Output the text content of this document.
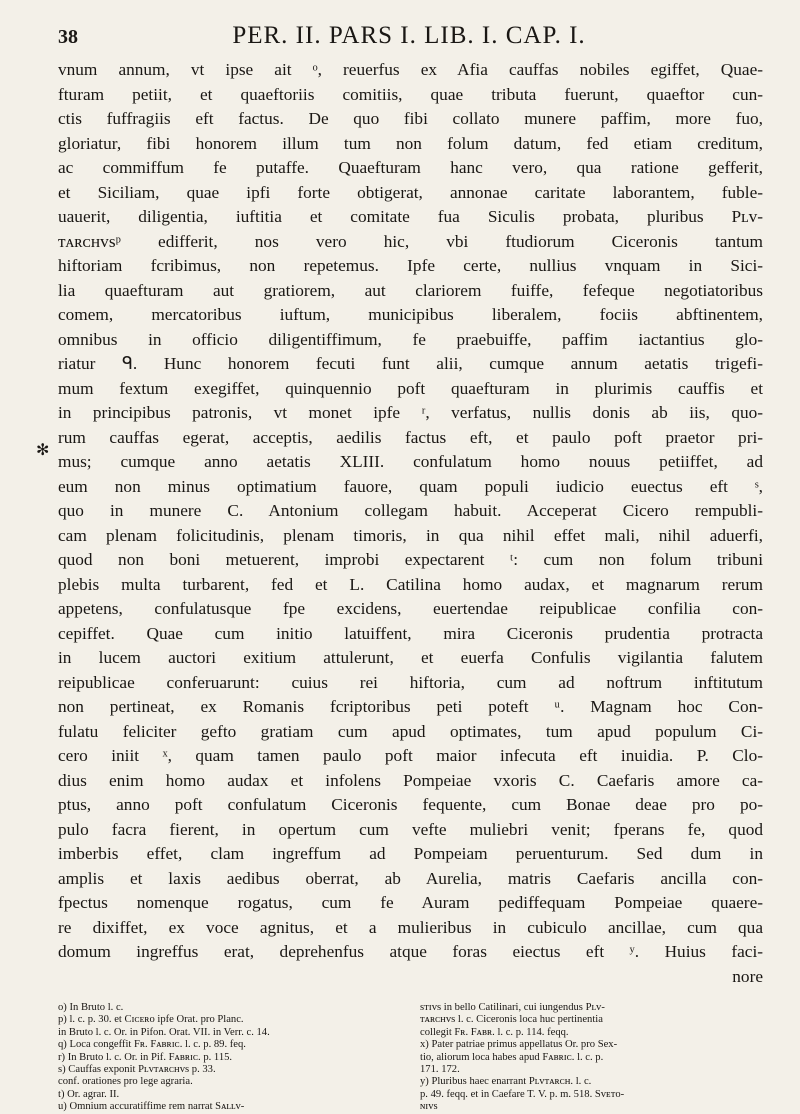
38	PER. II. PARS I. LIB. I. CAP. I.
✻
vnum annum, vt ipse ait ᵒ, reuerfus ex Afia cauffas nobiles egiffet, Quae-
fturam petiit, et quaeftoriis comitiis, quae tributa fuerunt, quaeftor cun-
ctis fuffragiis eft factus. De quo fibi collato munere paffim, more fuo,
gloriatur, fibi honorem illum tum non folum datum, fed etiam creditum,
ac commiffum fe putaffe. Quaefturam hanc vero, qua ratione gefferit,
et Siciliam, quae ipfi forte obtigerat, annonae caritate laborantem, fuble-
uauerit, diligentia, iuftitia et comitate fua Siculis probata, pluribus Pʟᴠ-
ᴛᴀʀᴄʜᴠsᵖ edifferit, nos vero hic, vbi ftudiorum Ciceronis tantum
hiftoriam fcribimus, non repetemus. Ipfe certe, nullius vnquam in Sici-
lia quaefturam aut gratiorem, aut clariorem fuiffe, fefeque negotiatoribus
comem, mercatoribus iuftum, municipibus liberalem, fociis abftinentem,
omnibus in officio diligentiffimum, fe praebuiffe, paffim iactantius glo-
riatur ᑫ. Hunc honorem fecuti funt alii, cumque annum aetatis trigefi-
mum fextum exegiffet, quinquennio poft quaefturam in plurimis cauffis et
in principibus patronis, vt monet ipfe ʳ, verfatus, nullis donis ab iis, quo-
rum cauffas egerat, acceptis, aedilis factus eft, et paulo poft praetor pri-
mus; cumque anno aetatis XLIII. confulatum homo nouus petiiffet, ad
eum non minus optimatium fauore, quam populi iudicio euectus eft ˢ,
quo in munere C. Antonium collegam habuit. Acceperat Cicero rempubli-
cam plenam folicitudinis, plenam timoris, in qua nihil effet mali, nihil aduerfi,
quod non boni metuerent, improbi expectarent ᵗ: cum non folum tribuni
plebis multa turbarent, fed et L. Catilina homo audax, et magnarum rerum
appetens, confulatusque fpe excidens, euertendae reipublicae confilia con-
cepiffet. Quae cum initio latuiffent, mira Ciceronis prudentia protracta
in lucem auctori exitium attulerunt, et euerfa Confulis vigilantia falutem
reipublicae conferuarunt: cuius rei hiftoria, cum ad noftrum inftitutum
non pertineat, ex Romanis fcriptoribus peti poteft ᵘ. Magnam hoc Con-
fulatu feliciter gefto gratiam cum apud optimates, tum apud populum Ci-
cero iniit ˣ, quam tamen paulo poft maior infecuta eft inuidia. P. Clo-
dius enim homo audax et infolens Pompeiae vxoris C. Caefaris amore ca-
ptus, anno poft confulatum Ciceronis fequente, cum Bonae deae pro po-
pulo facra fierent, in opertum cum vefte muliebri venit; fperans fe, quod
imberbis effet, clam ingreffum ad Pompeiam peruenturum. Sed dum in
amplis et laxis aedibus oberrat, ab Aurelia, matris Caefaris ancilla con-
fpectus nomenque rogatus, cum fe Auram pediffequam Pompeiae quaere-
re dixiffet, ex voce agnitus, et a mulieribus in cubiculo ancillae, cum qua
domum ingreffus erat, deprehenfus atque foras eiectus eft ʸ. Huius faci-
nore
o) In Bruto l. c.
p) l. c. p. 30. et Cɪᴄᴇʀᴏ ipfe Orat. pro Planc.
in Bruto l. c. Or. in Pifon. Orat. VII. in Verr. c. 14.
q) Loca congeffit Fʀ. Fᴀʙʀɪᴄ. l. c. p. 89. feq.
r) In Bruto l. c. Or. in Pif. Fᴀʙʀɪᴄ. p. 115.
s) Cauffas exponit Pʟᴠᴛᴀʀᴄʜᴠs p. 33.
conf. orationes pro lege agraria.
t) Or. agrar. II.
u) Omnium accuratiffime rem narrat Sᴀʟʟᴠ-
sᴛɪᴠs in bello Catilinari, cui iungendus Pʟᴠ-
ᴛᴀʀᴄʜᴠs l. c. Ciceronis loca huc pertinentia
collegit Fʀ. Fᴀʙʀ. l. c. p. 114. feqq.
x) Pater patriae primus appellatus Or. pro Sex-
tio, aliorum loca habes apud Fᴀʙʀɪᴄ. l. c. p.
171. 172.
y) Pluribus haec enarrant Pʟᴠᴛᴀʀᴄʜ. l. c.
p. 49. feqq. et in Caefare T. V. p. m. 518. Sᴠᴇᴛᴏ-
ɴɪᴠs
